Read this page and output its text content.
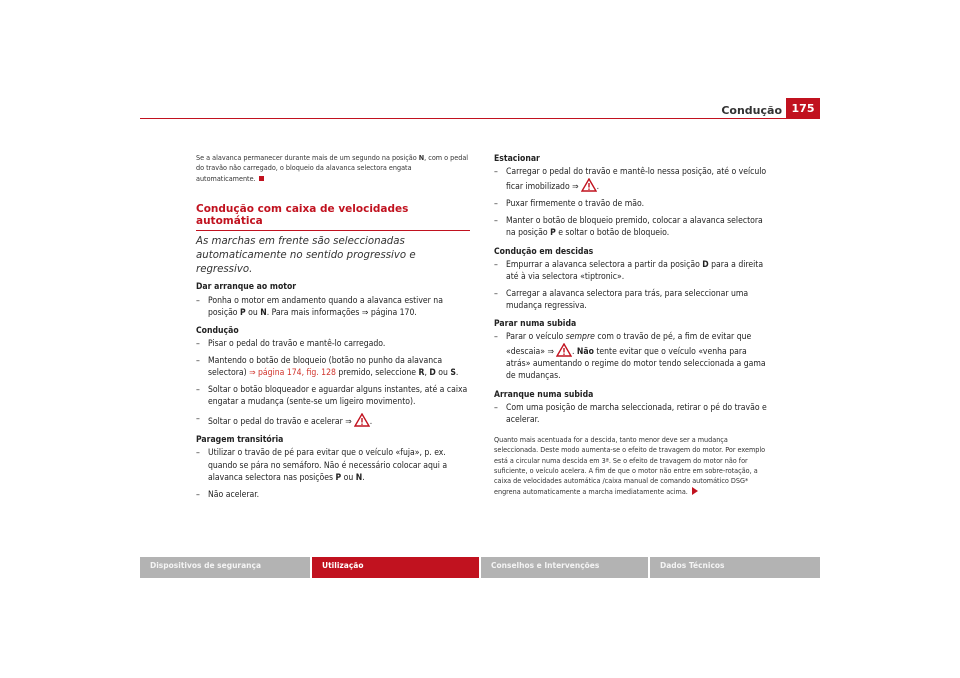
Condução 175
Se a alavanca permanecer durante mais de um segundo na posição N, com o pedal do travão não carregado, o bloqueio da alavanca selectora engata automaticamente.
Condução com caixa de velocidades automática
As marchas em frente são seleccionadas automaticamente no sentido progressivo e regressivo.
Dar arranque ao motor
– Ponha o motor em andamento quando a alavanca estiver na posição P ou N. Para mais informações ⇒ página 170.
Condução
– Pisar o pedal do travão e mantê-lo carregado.
– Mantendo o botão de bloqueio (botão no punho da alavanca selectora) ⇒ página 174, fig. 128 premido, seleccione R, D ou S.
– Soltar o botão bloqueador e aguardar alguns instantes, até a caixa engatar a mudança (sente-se um ligeiro movimento).
– Soltar o pedal do travão e acelerar ⇒ .
Paragem transitória
– Utilizar o travão de pé para evitar que o veículo «fuja», p. ex. quando se pára no semáforo. Não é necessário colocar aqui a alavanca selectora nas posições P ou N.
– Não acelerar.
Estacionar
– Carregar o pedal do travão e mantê-lo nessa posição, até o veículo ficar imobilizado ⇒ .
– Puxar firmemente o travão de mão.
– Manter o botão de bloqueio premido, colocar a alavanca selectora na posição P e soltar o botão de bloqueio.
Condução em descidas
– Empurrar a alavanca selectora a partir da posição D para a direita até à via selectora «tiptronic».
– Carregar a alavanca selectora para trás, para seleccionar uma mudança regressiva.
Parar numa subida
– Parar o veículo sempre com o travão de pé, a fim de evitar que «descaia» ⇒ . Não tente evitar que o veículo «venha para atrás» aumentando o regime do motor tendo seleccionada a gama de mudanças.
Arranque numa subida
– Com uma posição de marcha seleccionada, retirar o pé do travão e acelerar.
Quanto mais acentuada for a descida, tanto menor deve ser a mudança seleccionada. Deste modo aumenta-se o efeito de travagem do motor. Por exemplo está a circular numa descida em 3ª. Se o efeito de travagem do motor não for suficiente, o veículo acelera. A fim de que o motor não entre em sobre-rotação, a caixa de velocidades automática /caixa manual de comando automático DSG* engrena automaticamente a marcha imediatamente acima.
Dispositivos de segurança	Utilização	Conselhos e Intervenções	Dados Técnicos
